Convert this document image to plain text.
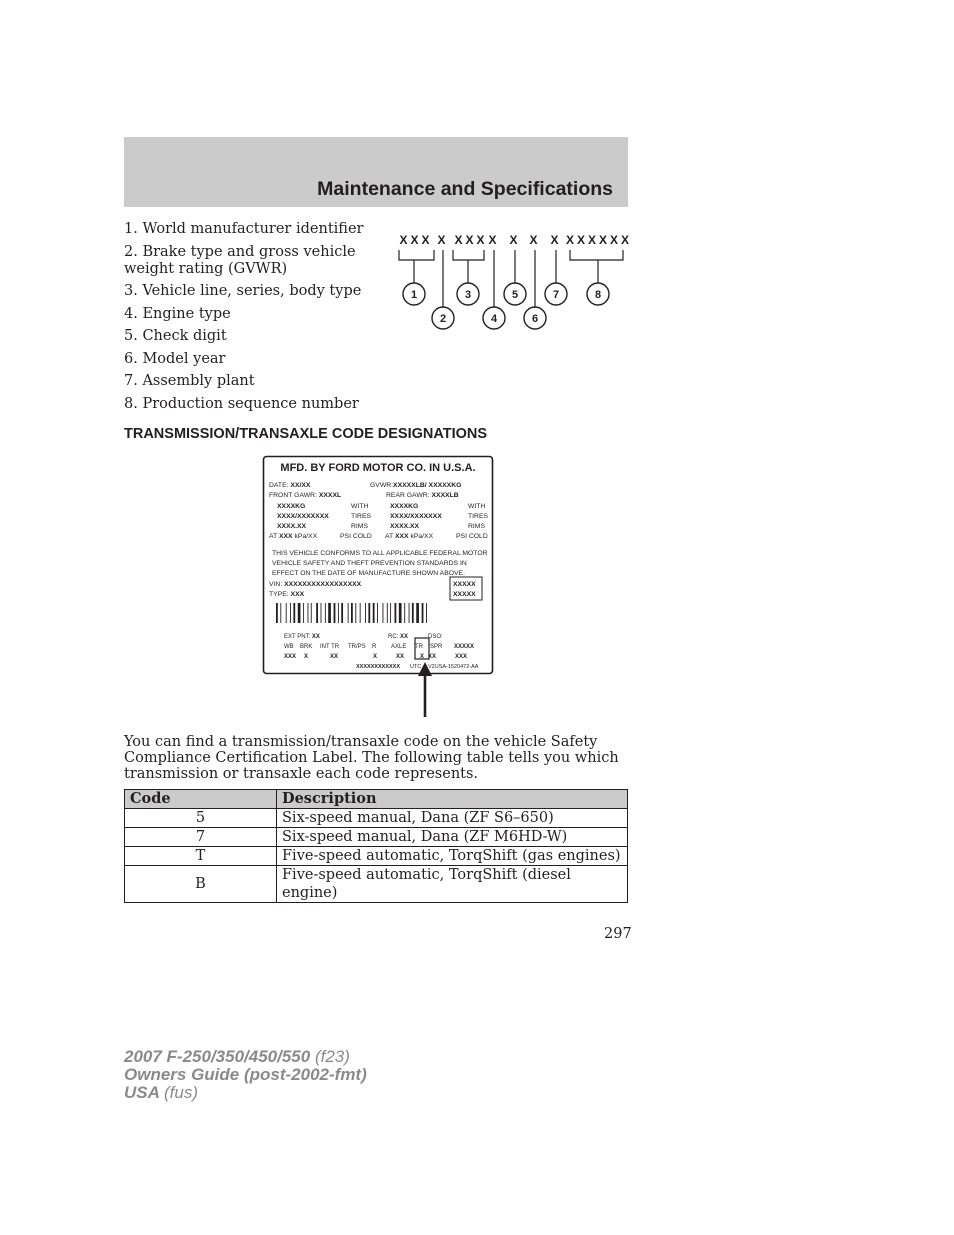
Maintenance and Specifications
1. World manufacturer identifier
2. Brake type and gross vehicle weight rating (GVWR)
3. Vehicle line, series, body type
4. Engine type
5. Check digit
6. Model year
7. Assembly plant
8. Production sequence number
XXX X XXX X X X X XXXXXX
1
2
3
4
5
6
7	8
TRANSMISSION/TRANSAXLE CODE DESIGNATIONS
MFD. BY FORD MOTOR CO. IN U.S.A.
DATE: XX/XX	GVWR:XXXXXLB/ XXXXXKG
FRONT GAWR: XXXXL	REAR GAWR: XXXXLB
XXXXKG	WITH	XXXXKG	WITH
XXXX/XXXXXXX	TIRES	XXXX/XXXXXXX	TIRES
XXXX.XX	RIMS	XXXX.XX	RIMS
AT XXX kPa/XX	PSI COLD AT XXX kPa/XX	PSI COLD
THIS VEHICLE CONFORMS TO ALL APPLICABLE FEDERAL MOTOR
VEHICLE SAFETY AND THEFT PREVENTION STANDARDS IN
EFFECT ON THE DATE OF MANUFACTURE SHOWN ABOVE.
VIN: XXXXXXXXXXXXXXXXX
TYPE: XXX
XXXXX
XXXXX
EXT PNT: XX	RC: XX	DSO:
WB BRK INT TR TR/PS R AXLE TR SPR XXXXX
XXX X	XX	X	XX	X XX	XXX
XXXXXXXXXXXX UTC V2USA-1520472-AA
You can find a transmission/transaxle code on the vehicle Safety Compliance Certification Label. The following table tells you which transmission or transaxle each code represents.
Code	Description
5	Six-speed manual, Dana (ZF S6–650)
7	Six-speed manual, Dana (ZF M6HD-W)
T	Five-speed automatic, TorqShift (gas engines)
B	Five-speed automatic, TorqShift (diesel engine)
297
2007 F-250/350/450/550 (f23)
Owners Guide (post-2002-fmt)
USA (fus)
